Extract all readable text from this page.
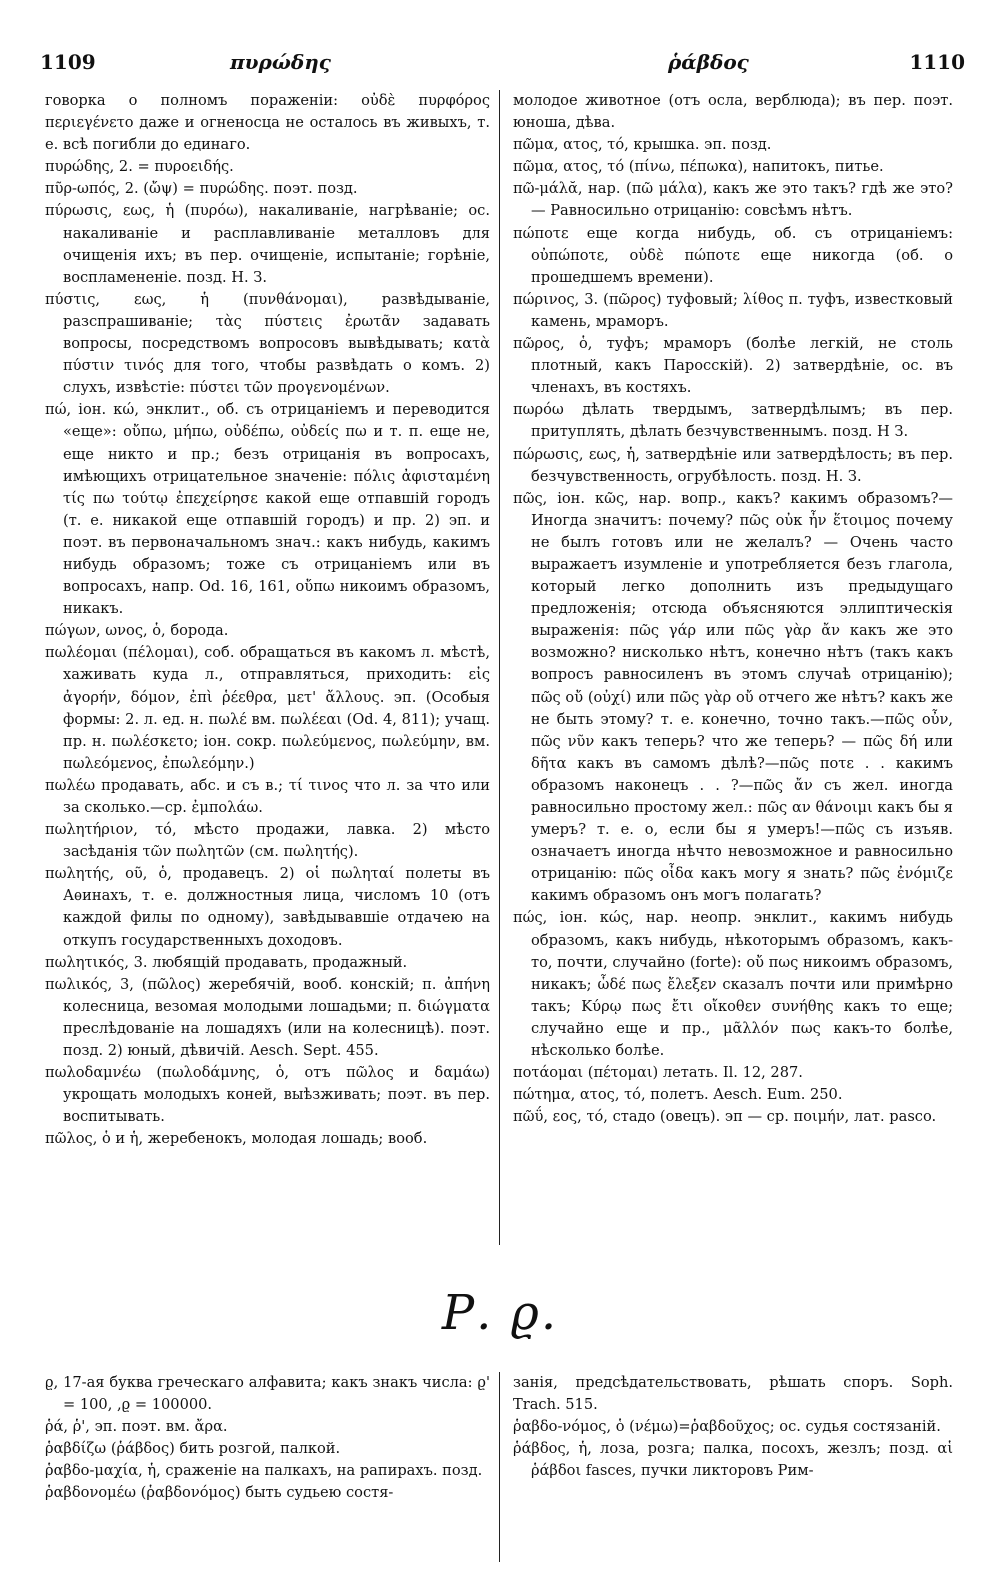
1109	πυρώδης	ῥάβδος	1110

говорка о полномъ пораженіи: οὐδὲ πυρφόρος περιεγένετο даже и огненосца не осталось въ живыхъ, т. е. всѣ погибли до единаго.

πυρώδης, 2. = πυροειδής.

πῦρ-ωπός, 2. (ὤψ) = πυρώδης. поэт. позд.

πύρωσις, εως, ἡ (πυρόω), накаливаніе, нагрѣваніе; ос. накаливаніе и расплавливаніе металловъ для очищенія ихъ; въ пер. очищеніе, испытаніе; горѣніе, воспламененіе. позд. Н. З.

πύστις, εως, ἡ (πυνθάνομαι), развѣдываніе, разспрашиваніе; τὰς πύστεις ἐρωτᾶν задавать вопросы, посредствомъ вопросовъ вывѣдывать; κατὰ πύστιν τινός для того, чтобы развѣдать о комъ. 2) слухъ, извѣстіе: πύστει τῶν προγενομένων.

πώ, іон. κώ, энклит., об. съ отрицаніемъ и переводится «еще»: οὔπω, μήπω, οὐδέπω, οὐδείς πω и т. п. еще не, еще никто и пр.; безъ отрицанія въ вопросахъ, имѣющихъ отрицательное значеніе: πόλις ἀφισταμένη τίς πω τούτῳ ἐπεχείρησε какой еще отпавшій городъ (т. е. никакой еще отпавшій городъ) и пр. 2) эп. и поэт. въ первоначальномъ знач.: какъ нибудь, какимъ нибудь образомъ; тоже съ отрицаніемъ или въ вопросахъ, напр. Od. 16, 161, οὔπω никоимъ образомъ, никакъ.

πώγων, ωνος, ὁ, борода.

πωλέομαι (πέλομαι), соб. обращаться въ какомъ л. мѣстѣ, хаживать куда л., отправляться, приходить: εἰς ἀγορήν, δόμον, ἐπὶ ῥέεθρα, μετ' ἄλλους. эп. (Особыя формы: 2. л. ед. н. πωλέ вм. πωλέεαι (Od. 4, 811); учащ. пр. н. πωλέσκετο; іон. сокр. πωλεύμενος, πωλεύμην, вм. πωλεόμενος, ἐπωλεόμην.)

πωλέω продавать, абс. и съ в.; τί τινος что л. за что или за сколько.—ср. ἐμπολάω.

πωλητήριον, τό, мѣсто продажи, лавка. 2) мѣсто засѣданія τῶν πωλητῶν (см. πωλητής).

πωλητής, οῦ, ὁ, продавецъ. 2) οἱ πωληταί полеты въ Аѳинахъ, т. е. должностныя лица, числомъ 10 (отъ каждой филы по одному), завѣдывавшіе отдачею на откупъ государственныхъ доходовъ.

πωλητικός, 3. любящій продавать, продажный.

πωλικός, 3, (πῶλος) жеребячій, вооб. конскій; π. ἀπήνη колесница, везомая молодыми лошадьми; π. διώγματα преслѣдованіе на лошадяхъ (или на колесницѣ). поэт. позд. 2) юный, дѣвичій. Aesch. Sept. 455.

πωλοδαμνέω (πωλοδάμνης, ὁ, отъ πῶλος и δαμάω) укрощать молодыхъ коней, выѣзживать; поэт. въ пер. воспитывать.

πῶλος, ὁ и ἡ, жеребенокъ, молодая лошадь; вооб.

молодое животное (отъ осла, верблюда); въ пер. поэт. юноша, дѣва.

πῶμα, ατος, τό, крышка. эп. позд.

πῶμα, ατος, τό (πίνω, πέπωκα), напитокъ, питье.

πῶ-μάλᾰ, нар. (πῶ μάλα), какъ же это такъ? гдѣ же это? — Равносильно отрицанію: совсѣмъ нѣтъ.

πώποτε еще когда нибудь, об. съ отрицаніемъ: οὐπώποτε, οὐδὲ πώποτε еще никогда (об. о прошедшемъ времени).

πώρινος, 3. (πῶρος) туфовый; λίθος π. туфъ, известковый камень, мраморъ.

πῶρος, ὁ, туфъ; мраморъ (болѣе легкій, не столь плотный, какъ Паросскій). 2) затвердѣніе, ос. въ членахъ, въ костяхъ.

πωρόω дѣлать твердымъ, затвердѣлымъ; въ пер. притуплять, дѣлать безчувственнымъ. позд. Н З.

πώρωσις, εως, ἡ, затвердѣніе или затвердѣлость; въ пер. безчувственность, огрубѣлость. позд. Н. З.

πῶς, іон. κῶς, нар. вопр., какъ? какимъ образомъ?—Иногда значитъ: почему? πῶς οὐκ ἦν ἕτοιμος почему не былъ готовъ или не желалъ? — Очень часто выражаетъ изумленіе и употребляется безъ глагола, который легко дополнить изъ предыдущаго предложенія; отсюда объясняются эллиптическія выраженія: πῶς γάρ или πῶς γὰρ ἄν какъ же это возможно? нисколько нѣтъ, конечно нѣтъ (такъ какъ вопросъ равносиленъ въ этомъ случаѣ отрицанію); πῶς οὔ (οὐχί) или πῶς γὰρ οὔ отчего же нѣтъ? какъ же не быть этому? т. е. конечно, точно такъ.—πῶς οὖν, πῶς νῦν какъ теперь? что же теперь? — πῶς δή или δῆτα какъ въ самомъ дѣлѣ?—πῶς ποτε . . какимъ образомъ наконецъ . . ?—πῶς ἄν съ жел. иногда равносильно простому жел.: πῶς αν θάνοιμι какъ бы я умеръ? т. е. о, если бы я умеръ!—πῶς съ изъяв. означаетъ иногда нѣчто невозможное и равносильно отрицанію: πῶς οἶδα какъ могу я знать? πῶς ἐνόμιζε какимъ образомъ онъ могъ полагать?

πώς, іон. κώς, нар. неопр. энклит., какимъ нибудь образомъ, какъ нибудь, нѣкоторымъ образомъ, какъ-то, почти, случайно (forte): οὔ πως никоимъ образомъ, никакъ; ὧδέ πως ἔλεξεν сказалъ почти или примѣрно такъ; Κύρῳ πως ἔτι οἴκοθεν συνήθης какъ то еще; случайно еще и пр., μᾶλλόν πως какъ-то болѣе, нѣсколько болѣе.

ποτάομαι (πέτομαι) летать. Il. 12, 287.

πώτημα, ατος, τό, полетъ. Aesch. Eum. 250.

πῶΰ, εος, τό, стадо (овецъ). эп — ср. ποιμήν, лат. pasco.

Ρ. ϱ.

ϱ, 17-ая буква греческаго алфавита; какъ знакъ числа: ϱ' = 100, ,ϱ = 100000.

ῥά, ῥ', эп. поэт. вм. ἄρα.

ῥαβδίζω (ῥάβδος) бить розгой, палкой.

ῥαβδο-μαχία, ἡ, сраженіе на палкахъ, на рапирахъ. позд.

ῥαβδονομέω (ῥαβδονόμος) быть судьею состя-

занія, предсѣдательствовать, рѣшать споръ. Soph. Trach. 515.

ῥαβδο-νόμος, ὁ (νέμω)=ῥαβδοῦχος; ос. судья состязаній.

ῥάβδος, ἡ, лоза, розга; палка, посохъ, жезлъ; позд. αἱ ῥάβδοι fasces, пучки ликторовъ Рим-
